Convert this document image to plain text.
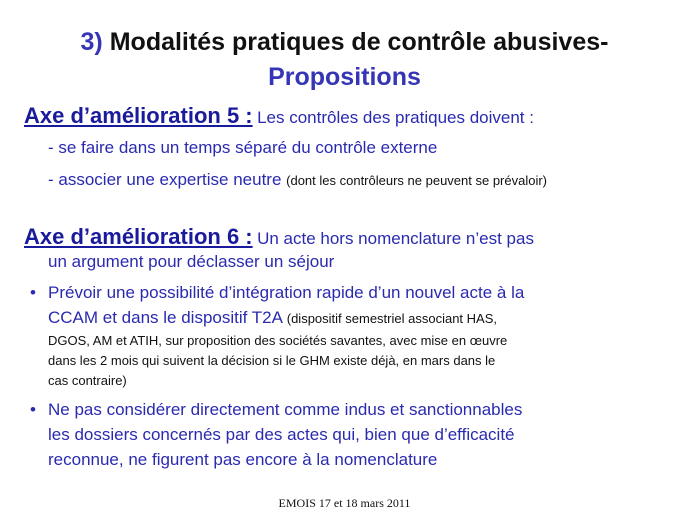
3) Modalités pratiques de contrôle abusives-
Propositions
Axe d’amélioration 5 : Les contrôles des pratiques doivent :
- se faire dans un temps séparé du contrôle externe
- associer une expertise neutre (dont les contrôleurs ne peuvent se prévaloir)
Axe d’amélioration 6 : Un acte hors nomenclature n’est pas
un argument pour déclasser un séjour
• Prévoir une possibilité d’intégration rapide d’un nouvel acte à la
CCAM et dans le dispositif T2A (dispositif semestriel associant HAS,
DGOS, AM et ATIH, sur proposition des sociétés savantes, avec mise en œuvre
dans les 2 mois qui suivent la décision si le GHM existe déjà, en mars dans le
cas contraire)
• Ne pas considérer directement comme indus et sanctionnables
les dossiers concernés par des actes qui, bien que d’efficacité
reconnue, ne figurent pas encore à la nomenclature
EMOIS 17 et 18 mars 2011
